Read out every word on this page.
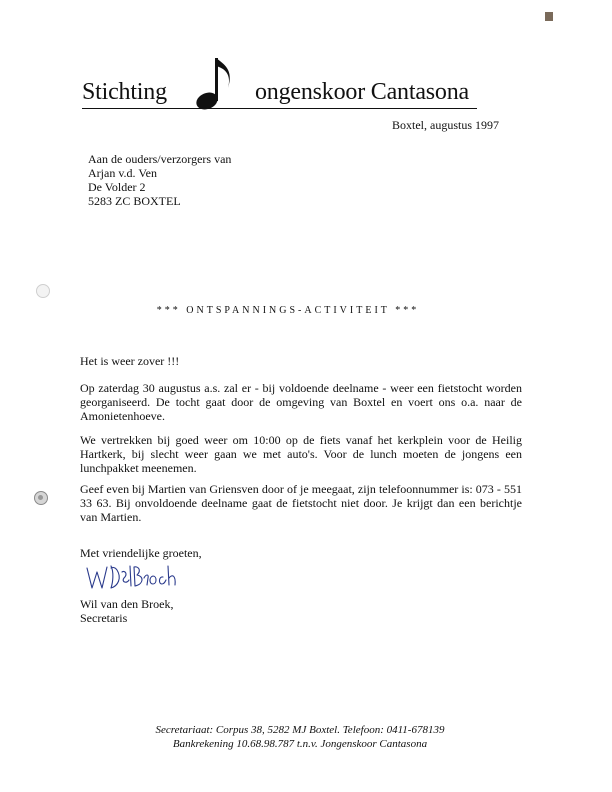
Stichting	ongenskoor Cantasona
Boxtel, augustus 1997
Aan de ouders/verzorgers van
Arjan v.d. Ven
De Volder 2
5283 ZC BOXTEL
*** ONTSPANNINGS-ACTIVITEIT ***

Het is weer zover !!!

Op zaterdag 30 augustus a.s. zal er - bij voldoende deelname - weer een fietstocht worden georganiseerd. De tocht gaat door de omgeving van Boxtel en voert ons o.a. naar de Amonietenhoeve.

We vertrekken bij goed weer om 10:00 op de fiets vanaf het kerkplein voor de Heilig Hartkerk, bij slecht weer gaan we met auto's. Voor de lunch moeten de jongens een lunchpakket meenemen.

Geef even bij Martien van Griensven door of je meegaat, zijn telefoonnummer is: 073 - 551 33 63. Bij onvoldoende deelname gaat de fietstocht niet door. Je krijgt dan een berichtje van Martien.

Met vriendelijke groeten,

Wil van den Broek,
Secretaris
Secretariaat: Corpus 38, 5282 MJ Boxtel. Telefoon: 0411-678139
Bankrekening 10.68.98.787 t.n.v. Jongenskoor Cantasona
